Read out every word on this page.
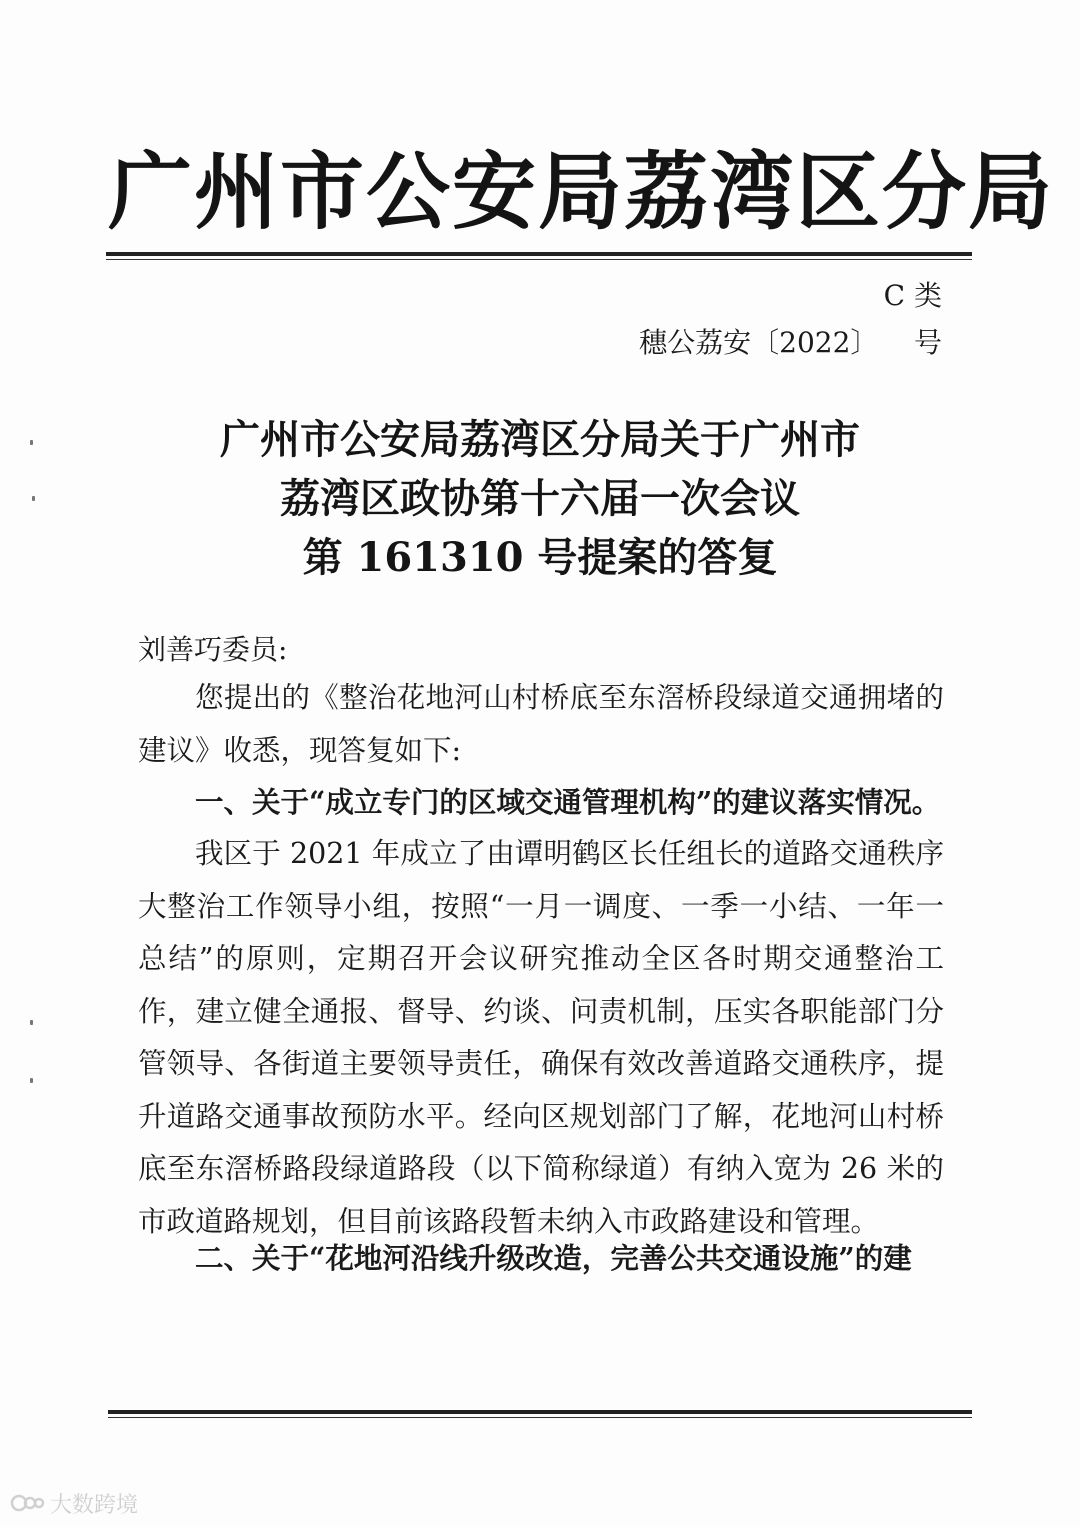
广州市公安局荔湾区分局
C 类
穗公荔安〔2022〕    号
广州市公安局荔湾区分局关于广州市
荔湾区政协第十六届一次会议
第 161310 号提案的答复
刘善巧委员:
您提出的《整治花地河山村桥底至东滘桥段绿道交通拥堵的建议》收悉，现答复如下:
一、关于“成立专门的区域交通管理机构”的建议落实情况。
我区于 2021 年成立了由谭明鹤区长任组长的道路交通秩序大整治工作领导小组，按照“一月一调度、一季一小结、一年一总结”的原则，定期召开会议研究推动全区各时期交通整治工作，建立健全通报、督导、约谈、问责机制，压实各职能部门分管领导、各街道主要领导责任，确保有效改善道路交通秩序，提升道路交通事故预防水平。经向区规划部门了解，花地河山村桥底至东滘桥路段绿道路段（以下简称绿道）有纳入宽为 26 米的市政道路规划，但目前该路段暂未纳入市政路建设和管理。
二、关于“花地河沿线升级改造，完善公共交通设施”的建
大数跨境
